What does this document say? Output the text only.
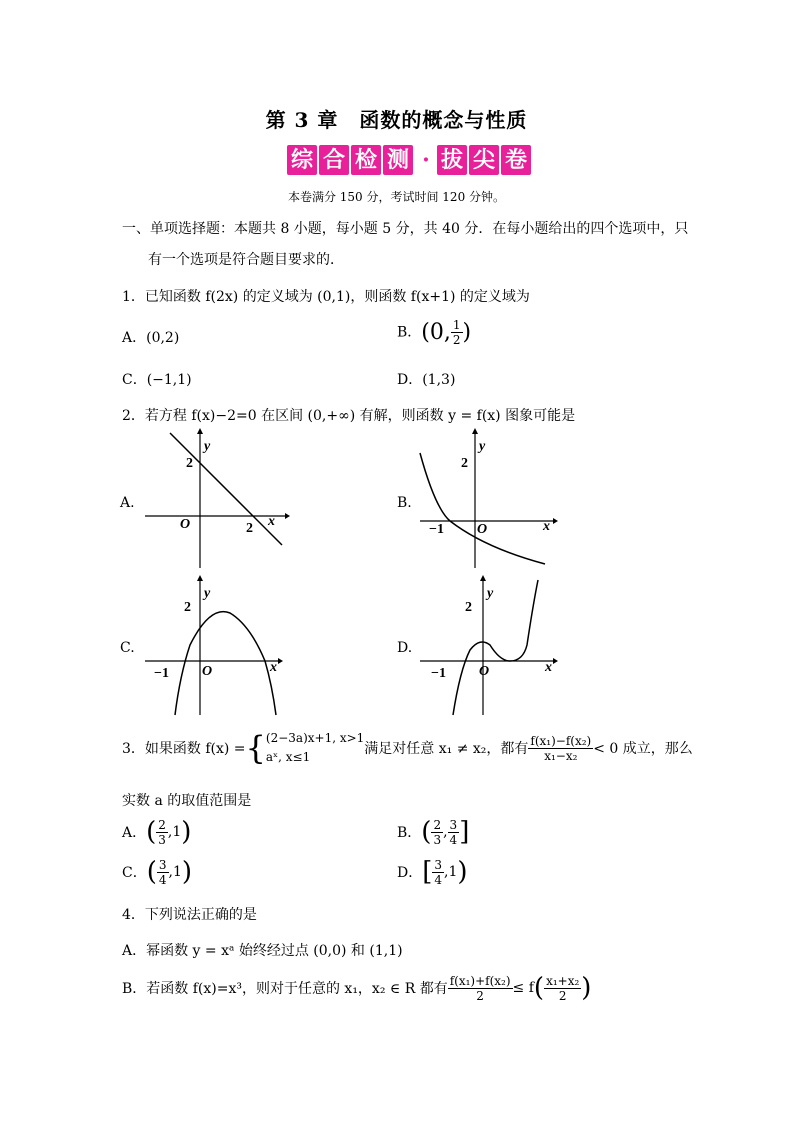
第 3 章　函数的概念与性质
综 合 检 测 · 拔 尖 卷
本卷满分 150 分，考试时间 120 分钟。
一、单项选择题：本题共 8 小题，每小题 5 分，共 40 分．在每小题给出的四个选项中，只
有一个选项是符合题目要求的．
1．已知函数 f(2x) 的定义域为 (0,1)，则函数 f(x+1) 的定义域为
A．(0,2)	B．(0, $\frac{1}{2}$ )
C．(−1,1)	D．(1,3)
2．若方程 f(x)−2=0 在区间 (0,+∞) 有解，则函数 y = f(x) 图象可能是
A.	B.
C.	D.
x
y
O
2
2	x
y
O
2
−1
x
y
O
2
−1	x
y
O
2
−1
3．如果函数 f(x) ={ (2−3a)x+1, x>1
aˣ, x≤1	满足对任意 x₁ ≠ x₂，都有 $\frac{\text{f(x₁)−f(x₂)}}{\text{x₁−x₂}} < 0$ 成立，那么
实数 a 的取值范围是
A．( $\frac{2}{3} ,1$)	B．( $\frac{2}{3}$ , $\frac{3}{4}$ ]
C．( $\frac{3}{4} ,1$)	D．[ $\frac{3}{4} ,1$)
4．下列说法正确的是
A．幂函数 y = xᵃ 始终经过点 (0,0) 和 (1,1)
B．若函数 f(x)=x³，则对于任意的 x₁，x₂ ∈ R 都有 $\frac{\text{f(x₁)+f(x₂)}}{2} \le f( \frac{\text{x₁+x₂}}{2}$ )
